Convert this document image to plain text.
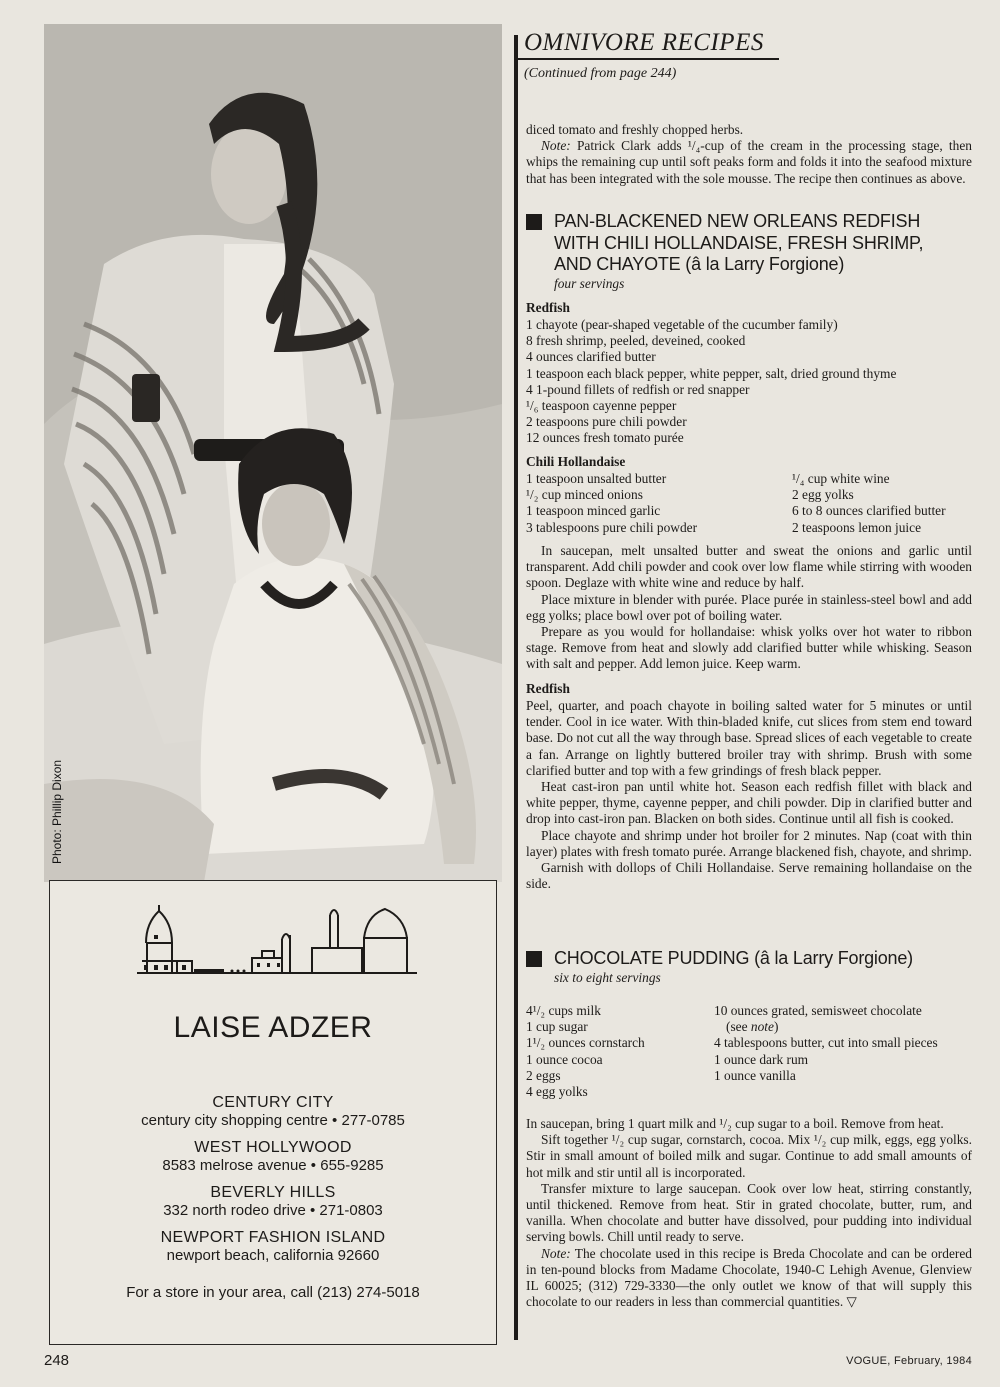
Photo: Phillip Dixon
LAISE ADZER
CENTURY CITY
century city shopping centre • 277-0785
WEST HOLLYWOOD
8583 melrose avenue • 655-9285
BEVERLY HILLS
332 north rodeo drive • 271-0803
NEWPORT FASHION ISLAND
newport beach, california 92660
For a store in your area, call (213) 274-5018
OMNIVORE RECIPES
(Continued from page 244)

diced tomato and freshly chopped herbs.

Note: Patrick Clark adds ¹/₄-cup of the cream in the processing stage, then whips the remaining cup until soft peaks form and folds it into the seafood mixture that has been integrated with the sole mousse. The recipe then continues as above.

PAN-BLACKENED NEW ORLEANS REDFISH
WITH CHILI HOLLANDAISE, FRESH SHRIMP,
AND CHAYOTE (â la Larry Forgione)
four servings
Redfish
1 chayote (pear-shaped vegetable of the cucumber family)
8 fresh shrimp, peeled, deveined, cooked
4 ounces clarified butter
1 teaspoon each black pepper, white pepper, salt, dried ground thyme
4 1-pound fillets of redfish or red snapper
¹/₆ teaspoon cayenne pepper
2 teaspoons pure chili powder
12 ounces fresh tomato purée
Chili Hollandaise
1 teaspoon unsalted butter
¹/₂ cup minced onions
1 teaspoon minced garlic
3 tablespoons pure chili powder
¹/₄ cup white wine
2 egg yolks
6 to 8 ounces clarified butter
2 teaspoons lemon juice

In saucepan, melt unsalted butter and sweat the onions and garlic until transparent. Add chili powder and cook over low flame while stirring with wooden spoon. Deglaze with white wine and reduce by half.

Place mixture in blender with purée. Place purée in stainless-steel bowl and add egg yolks; place bowl over pot of boiling water.

Prepare as you would for hollandaise: whisk yolks over hot water to ribbon stage. Remove from heat and slowly add clarified butter while whisking. Season with salt and pepper. Add lemon juice. Keep warm.

Redfish

Peel, quarter, and poach chayote in boiling salted water for 5 minutes or until tender. Cool in ice water. With thin-bladed knife, cut slices from stem end toward base. Do not cut all the way through base. Spread slices of each vegetable to create a fan. Arrange on lightly buttered broiler tray with shrimp. Brush with some clarified butter and top with a few grindings of fresh black pepper.

Heat cast-iron pan until white hot. Season each redfish fillet with black and white pepper, thyme, cayenne pepper, and chili powder. Dip in clarified butter and drop into cast-iron pan. Blacken on both sides. Continue until all fish is cooked.

Place chayote and shrimp under hot broiler for 2 minutes. Nap (coat with thin layer) plates with fresh tomato purée. Arrange blackened fish, chayote, and shrimp.

Garnish with dollops of Chili Hollandaise. Serve remaining hollandaise on the side.

CHOCOLATE PUDDING (â la Larry Forgione)
six to eight servings
4¹/₂ cups milk
1 cup sugar
1¹/₂ ounces cornstarch
1 ounce cocoa
2 eggs
4 egg yolks
10 ounces grated, semisweet chocolate
(see note)
4 tablespoons butter, cut into small pieces
1 ounce dark rum
1 ounce vanilla

In saucepan, bring 1 quart milk and ¹/₂ cup sugar to a boil. Remove from heat.

Sift together ¹/₂ cup sugar, cornstarch, cocoa. Mix ¹/₂ cup milk, eggs, egg yolks. Stir in small amount of boiled milk and sugar. Continue to add small amounts of hot milk and stir until all is incorporated.

Transfer mixture to large saucepan. Cook over low heat, stirring constantly, until thickened. Remove from heat. Stir in grated chocolate, butter, rum, and vanilla. When chocolate and butter have dissolved, pour pudding into individual serving bowls. Chill until ready to serve.

Note: The chocolate used in this recipe is Breda Chocolate and can be ordered in ten-pound blocks from Madame Chocolate, 1940-C Lehigh Avenue, Glenview IL 60025; (312) 729-3330—the only outlet we know of that will supply this chocolate to our readers in less than commercial quantities. ▽

248	VOGUE, February, 1984
